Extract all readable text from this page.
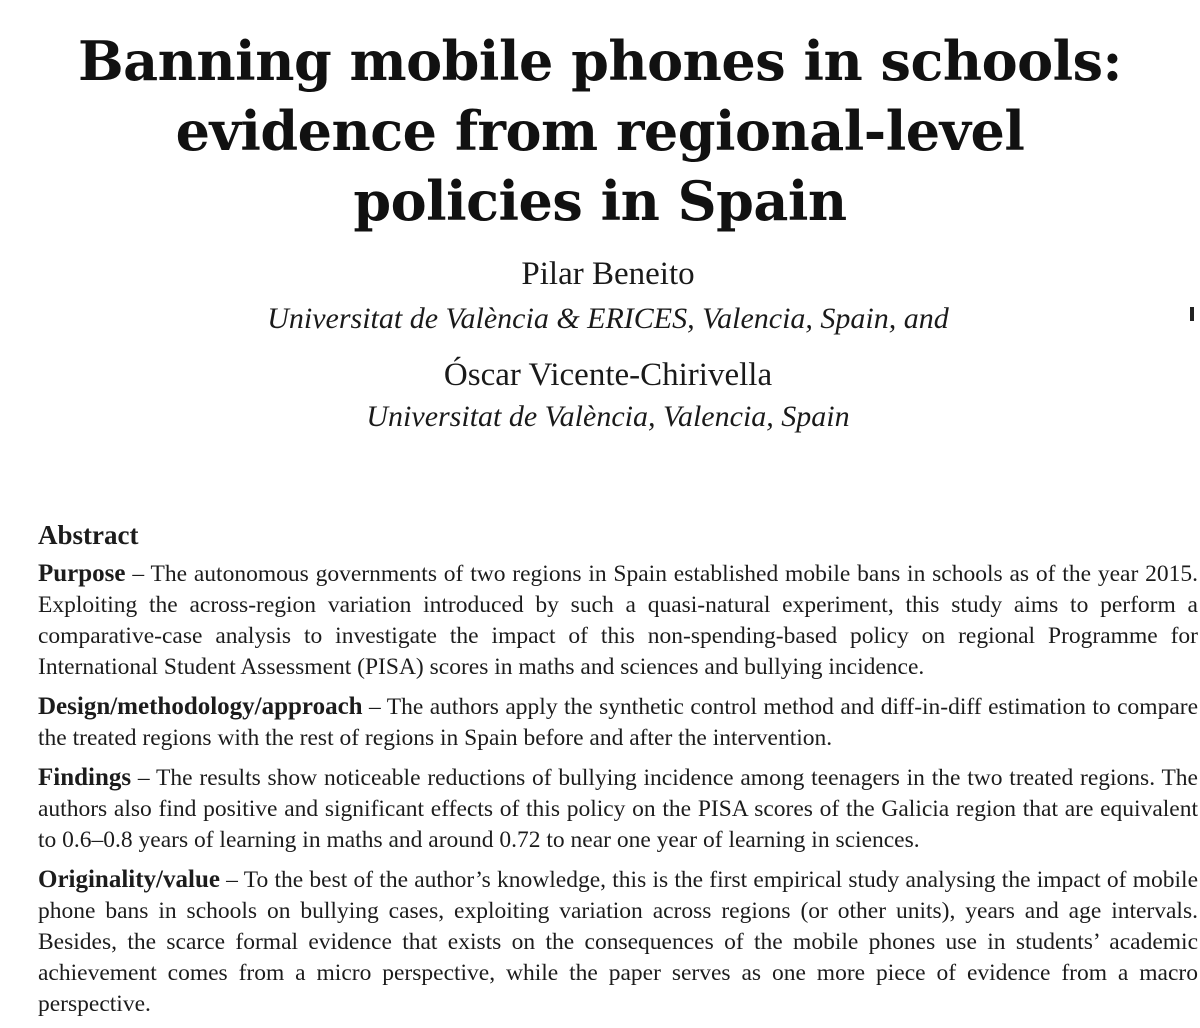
Banning mobile phones in schools:
evidence from regional-level
policies in Spain
Pilar Beneito
Universitat de València & ERICES, Valencia, Spain, and
Óscar Vicente-Chirivella
Universitat de València, Valencia, Spain
Abstract

Purpose – The autonomous governments of two regions in Spain established mobile bans in schools as of the year 2015. Exploiting the across-region variation introduced by such a quasi-natural experiment, this study aims to perform a comparative-case analysis to investigate the impact of this non-spending-based policy on regional Programme for International Student Assessment (PISA) scores in maths and sciences and bullying incidence.

Design/methodology/approach – The authors apply the synthetic control method and diff-in-diff estimation to compare the treated regions with the rest of regions in Spain before and after the intervention.

Findings – The results show noticeable reductions of bullying incidence among teenagers in the two treated regions. The authors also find positive and significant effects of this policy on the PISA scores of the Galicia region that are equivalent to 0.6–0.8 years of learning in maths and around 0.72 to near one year of learning in sciences.

Originality/value – To the best of the author’s knowledge, this is the first empirical study analysing the impact of mobile phone bans in schools on bullying cases, exploiting variation across regions (or other units), years and age intervals. Besides, the scarce formal evidence that exists on the consequences of the mobile phones use in students’ academic achievement comes from a micro perspective, while the paper serves as one more piece of evidence from a macro perspective.
